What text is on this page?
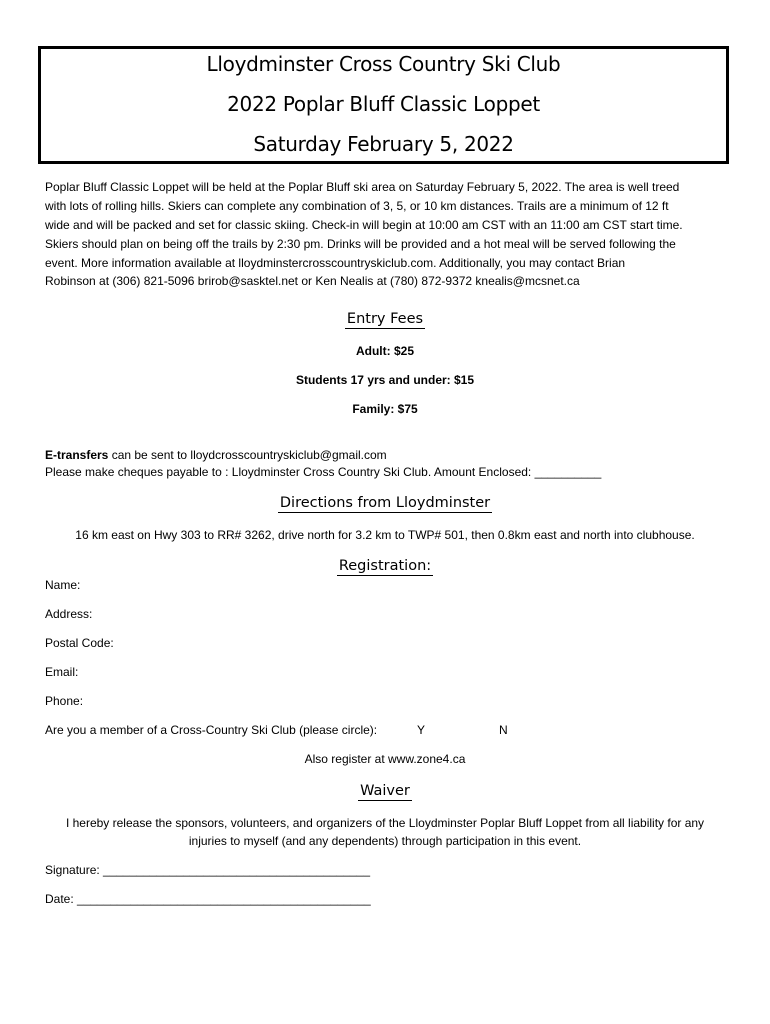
Lloydminster Cross Country Ski Club
2022 Poplar Bluff Classic Loppet
Saturday February 5, 2022
Poplar Bluff Classic Loppet will be held at the Poplar Bluff ski area on Saturday February 5, 2022. The area is well treed
with lots of rolling hills. Skiers can complete any combination of 3, 5, or 10 km distances. Trails are a minimum of 12 ft
wide and will be packed and set for classic skiing. Check-in will begin at 10:00 am CST with an 11:00 am CST start time.
Skiers should plan on being off the trails by 2:30 pm. Drinks will be provided and a hot meal will be served following the
event. More information available at lloydminstercrosscountryskiclub.com. Additionally, you may contact Brian
Robinson at (306) 821-5096 brirob@sasktel.net or Ken Nealis at (780) 872-9372 knealis@mcsnet.ca
Entry Fees
Adult: $25
Students 17 yrs and under: $15
Family: $75
E-transfers can be sent to lloydcrosscountryskiclub@gmail.com
Please make cheques payable to : Lloydminster Cross Country Ski Club. Amount Enclosed: __________
Directions from Lloydminster
16 km east on Hwy 303 to RR# 3262, drive north for 3.2 km to TWP# 501, then 0.8km east and north into clubhouse.
Registration:
Name:
Address:
Postal Code:
Email:
Phone:
Are you a member of a Cross-Country Ski Club (please circle):	Y	N
Also register at www.zone4.ca
Waiver
I hereby release the sponsors, volunteers, and organizers of the Lloydminster Poplar Bluff Loppet from all liability for any
injuries to myself (and any dependents) through participation in this event.
Signature: ________________________________________
Date: ____________________________________________
